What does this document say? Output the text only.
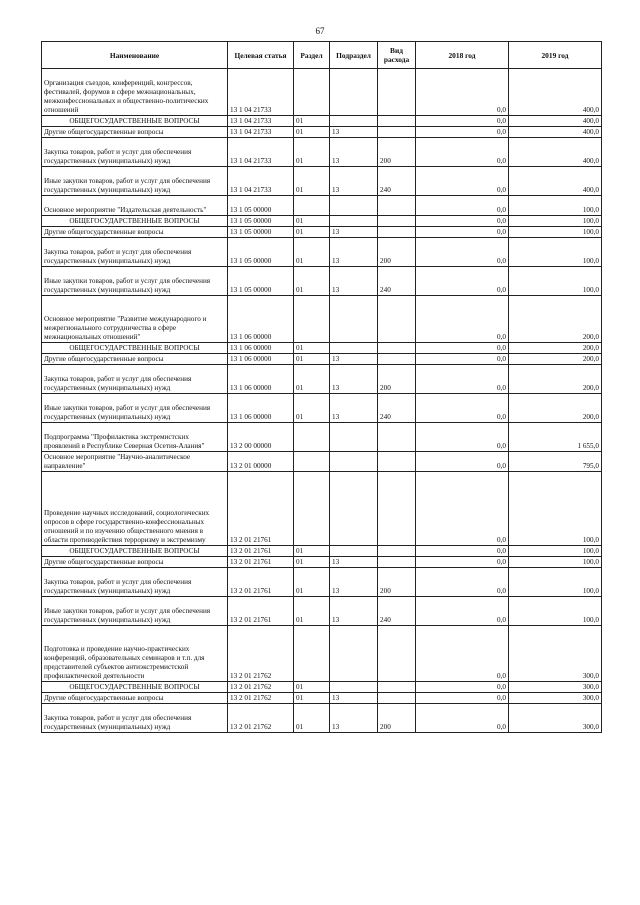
67
Наименование	Целевая статья	Раздел	Подраздел	Вид расхода	2018 год	2019 год
Организация съездов, конференций, конгрессов, фестивалей, форумов в сфере межнациональных, межконфессиональных и общественно-политических отношений	13 1 04 21733				0,0	400,0
ОБЩЕГОСУДАРСТВЕННЫЕ ВОПРОСЫ	13 1 04 21733	01			0,0	400,0
Другие общегосударственные вопросы	13 1 04 21733	01	13		0,0	400,0
Закупка товаров, работ и услуг для обеспечения государственных (муниципальных) нужд	13 1 04 21733	01	13	200	0,0	400,0
Иные закупки товаров, работ и услуг для обеспечения государственных (муниципальных) нужд	13 1 04 21733	01	13	240	0,0	400,0
Основное мероприятие "Издательская деятельность"	13 1 05 00000				0,0	100,0
ОБЩЕГОСУДАРСТВЕННЫЕ ВОПРОСЫ	13 1 05 00000	01			0,0	100,0
Другие общегосударственные вопросы	13 1 05 00000	01	13		0,0	100,0
Закупка товаров, работ и услуг для обеспечения государственных (муниципальных) нужд	13 1 05 00000	01	13	200	0,0	100,0
Иные закупки товаров, работ и услуг для обеспечения государственных (муниципальных) нужд	13 1 05 00000	01	13	240	0,0	100,0
Основное мероприятие "Развитие международного и межрегионального сотрудничества в сфере межнациональных отношений"	13 1 06 00000				0,0	200,0
ОБЩЕГОСУДАРСТВЕННЫЕ ВОПРОСЫ	13 1 06 00000	01			0,0	200,0
Другие общегосударственные вопросы	13 1 06 00000	01	13		0,0	200,0
Закупка товаров, работ и услуг для обеспечения государственных (муниципальных) нужд	13 1 06 00000	01	13	200	0,0	200,0
Иные закупки товаров, работ и услуг для обеспечения государственных (муниципальных) нужд	13 1 06 00000	01	13	240	0,0	200,0
Подпрограмма "Профилактика экстремистских проявлений в Республике Северная Осетия-Алания"	13 2 00 00000				0,0	1 655,0
Основное мероприятие "Научно-аналитическое направление"	13 2 01 00000				0,0	795,0
Проведение научных исследований, социологических опросов в сфере государственно-конфессиональных отношений и по изучению общественного мнения в области противодействия терроризму и экстремизму	13 2 01 21761				0,0	100,0
ОБЩЕГОСУДАРСТВЕННЫЕ ВОПРОСЫ	13 2 01 21761	01			0,0	100,0
Другие общегосударственные вопросы	13 2 01 21761	01	13		0,0	100,0
Закупка товаров, работ и услуг для обеспечения государственных (муниципальных) нужд	13 2 01 21761	01	13	200	0,0	100,0
Иные закупки товаров, работ и услуг для обеспечения государственных (муниципальных) нужд	13 2 01 21761	01	13	240	0,0	100,0
Подготовка и проведение научно-практических конференций, образовательных семинаров и т.п. для представителей субъектов антиэкстремистской профилактической деятельности	13 2 01 21762				0,0	300,0
ОБЩЕГОСУДАРСТВЕННЫЕ ВОПРОСЫ	13 2 01 21762	01			0,0	300,0
Другие общегосударственные вопросы	13 2 01 21762	01	13		0,0	300,0
Закупка товаров, работ и услуг для обеспечения государственных (муниципальных) нужд	13 2 01 21762	01	13	200	0,0	300,0
